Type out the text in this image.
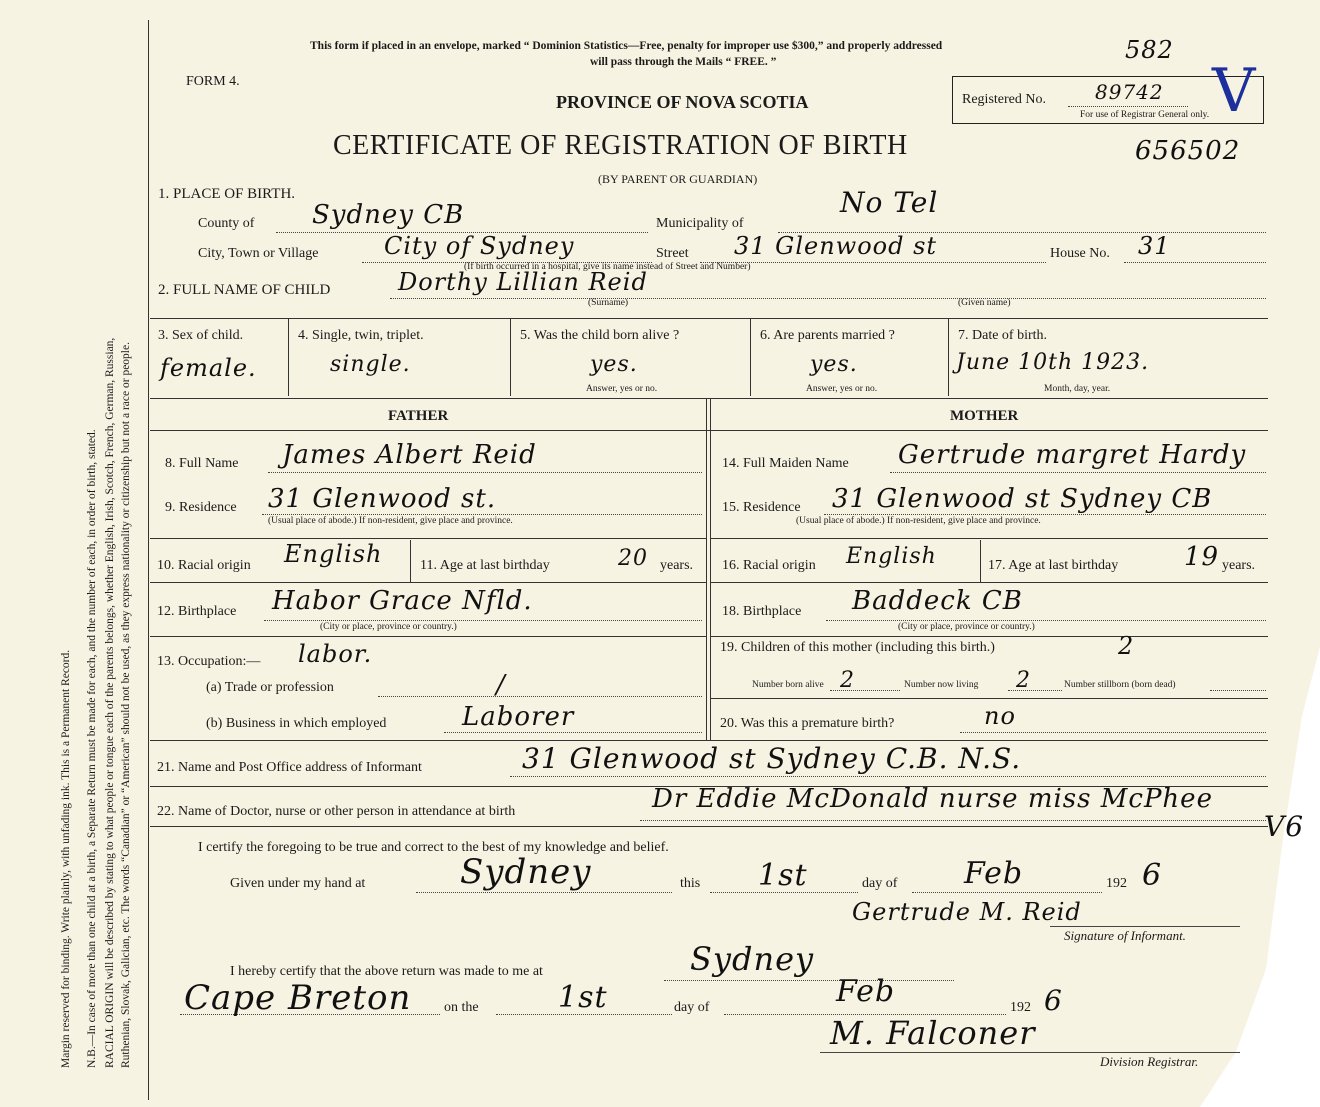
Margin reserved for binding. Write plainly, with unfading ink. This is a Permanent Record. N.B.—In case of more than one child at a birth, a Separate Return must be made for each, and the number of each, in order of birth, stated. RACIAL ORIGIN will be described by stating to what people or tongue each of the parents belongs, whether English, Irish, Scotch, French, German, Russian, Ruthenian, Slovak, Galician, etc. The words “Canadian” or “American” should not be used, as they express nationality or citizenship but not a race or people.
This form if placed in an envelope, marked “ Dominion Statistics—Free, penalty for improper use $300,” and properly addressed
will pass through the Mails “ FREE. ”	582
FORM 4.
PROVINCE OF NOVA SCOTIA	Registered No. 89742
For use of Registrar General only. V
CERTIFICATE OF REGISTRATION OF BIRTH	656502
(BY PARENT OR GUARDIAN)
1. PLACE OF BIRTH.
County of Sydney CB	Municipality of
No Tel
City, Town or Village	City of Sydney	Street 31 Glenwood st	House No. 31
(If birth occurred in a hospital, give its name instead of Street and Number)
2. FULL NAME OF CHILD	Dorthy Lillian Reid
(Surname)	(Given name)
3. Sex of child.
female.
4. Single, twin, triplet.
single.
5. Was the child born alive ?
yes.
Answer, yes or no.
6. Are parents married ?
yes.
Answer, yes or no.
7. Date of birth.
June 10th 1923.
Month, day, year.
FATHER	MOTHER
8. Full Name James Albert Reid
9. Residence 31 Glenwood st.
(Usual place of abode.) If non-resident, give place and province.
10. Racial origin English	11. Age at last birthday	20 years.
12. Birthplace Habor Grace Nfld.
(City or place, province or country.)
13. Occupation:— labor.
(a) Trade or profession	/
(b) Business in which employed	Laborer
14. Full Maiden Name Gertrude margret Hardy
15. Residence 31 Glenwood st Sydney CB
(Usual place of abode.) If non-resident, give place and province.
16. Racial origin English	17. Age at last birthday	19 years.
18. Birthplace Baddeck CB
(City or place, province or country.)
19. Children of this mother (including this birth.)	2
Number born alive 2	Number now living 2	Number stillborn (born dead)
20. Was this a premature birth?	no
21. Name and Post Office address of Informant	31 Glenwood st Sydney C.B. N.S.
22. Name of Doctor, nurse or other person in attendance at birth	Dr Eddie McDonald nurse miss McPhee
V6
I certify the foregoing to be true and correct to the best of my knowledge and belief.
Given under my hand at	Sydney	this 1st	day of Feb	192 6
Gertrude M. Reid
Signature of Informant.
I hereby certify that the above return was made to me at	Sydney
Cape Breton on the	1st	day of	Feb	192 6
M. Falconer
Division Registrar.
